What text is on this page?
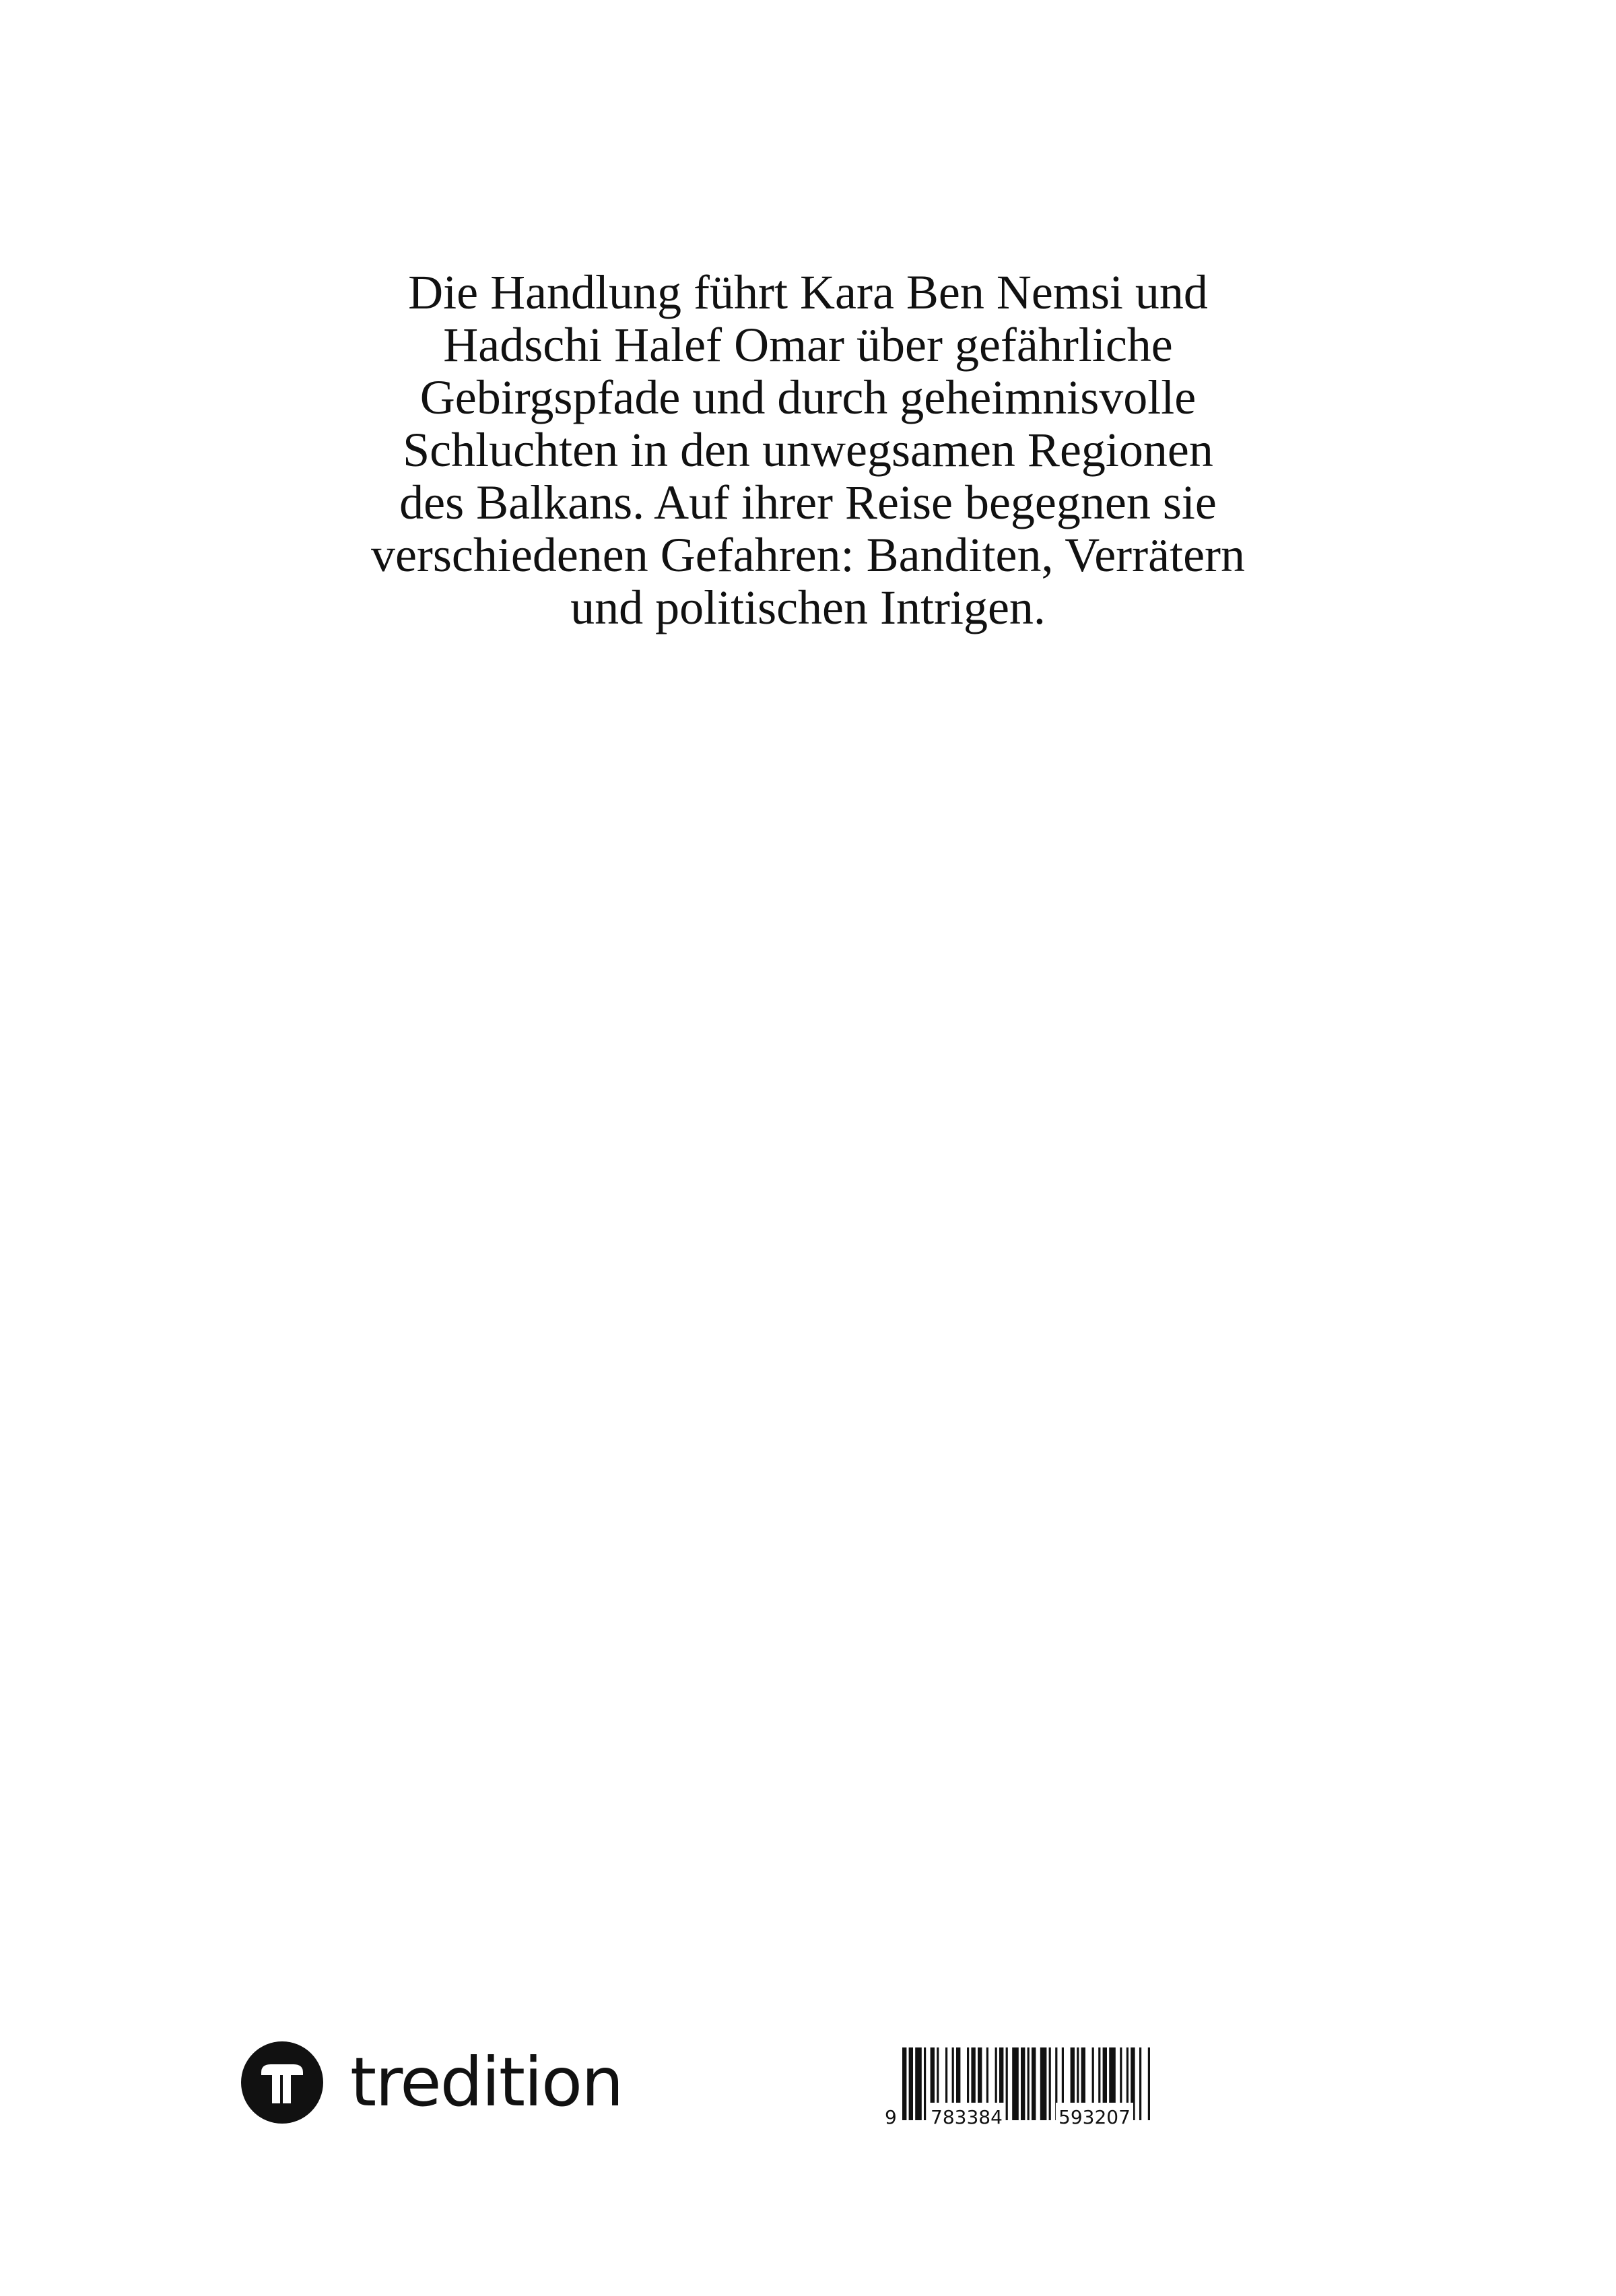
Die Handlung führt Kara Ben Nemsi und
Hadschi Halef Omar über gefährliche
Gebirgspfade und durch geheimnisvolle
Schluchten in den unwegsamen Regionen
des Balkans. Auf ihrer Reise begegnen sie
verschiedenen Gefahren: Banditen, Verrätern
und politischen Intrigen.
tredition	9 783384	593207
